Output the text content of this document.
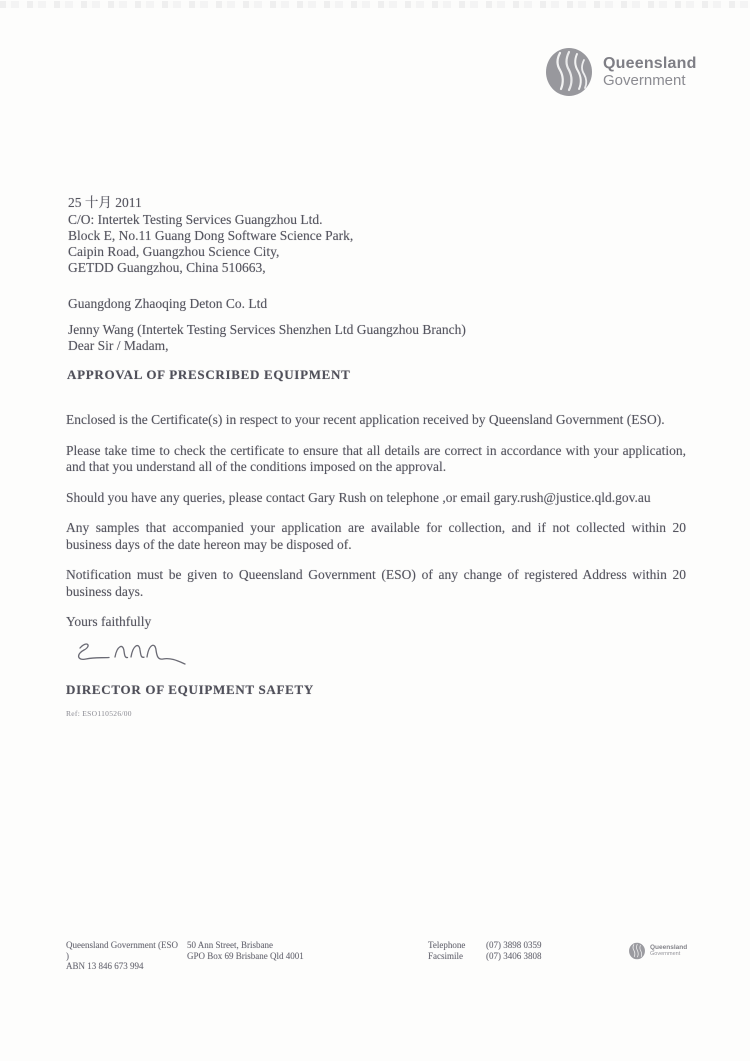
Queensland
Government
25 十月 2011
C/O: Intertek Testing Services Guangzhou Ltd.
Block E, No.11 Guang Dong Software Science Park,
Caipin Road, Guangzhou Science City,
GETDD Guangzhou, China 510663,
Guangdong Zhaoqing Deton Co. Ltd
Jenny Wang (Intertek Testing Services Shenzhen Ltd Guangzhou Branch)
Dear Sir / Madam,
APPROVAL OF PRESCRIBED EQUIPMENT

Enclosed is the Certificate(s) in respect to your recent application received by Queensland Government (ESO).

Please take time to check the certificate to ensure that all details are correct in accordance with your application, and that you understand all of the conditions imposed on the approval.

Should you have any queries, please contact Gary Rush on telephone ,or email gary.rush@justice.qld.gov.au

Any samples that accompanied your application are available for collection, and if not collected within 20 business days of the date hereon may be disposed of.

Notification must be given to Queensland Government (ESO) of any change of registered Address within 20 business days.

Yours faithfully

DIRECTOR OF EQUIPMENT SAFETY
Ref: ESO110526/00
Queensland Government (ESO
)
ABN 13 846 673 994
50 Ann Street, Brisbane
GPO Box 69 Brisbane Qld 4001
Telephone	(07) 3898 0359
Facsimile	(07) 3406 3808
Queensland
Government
